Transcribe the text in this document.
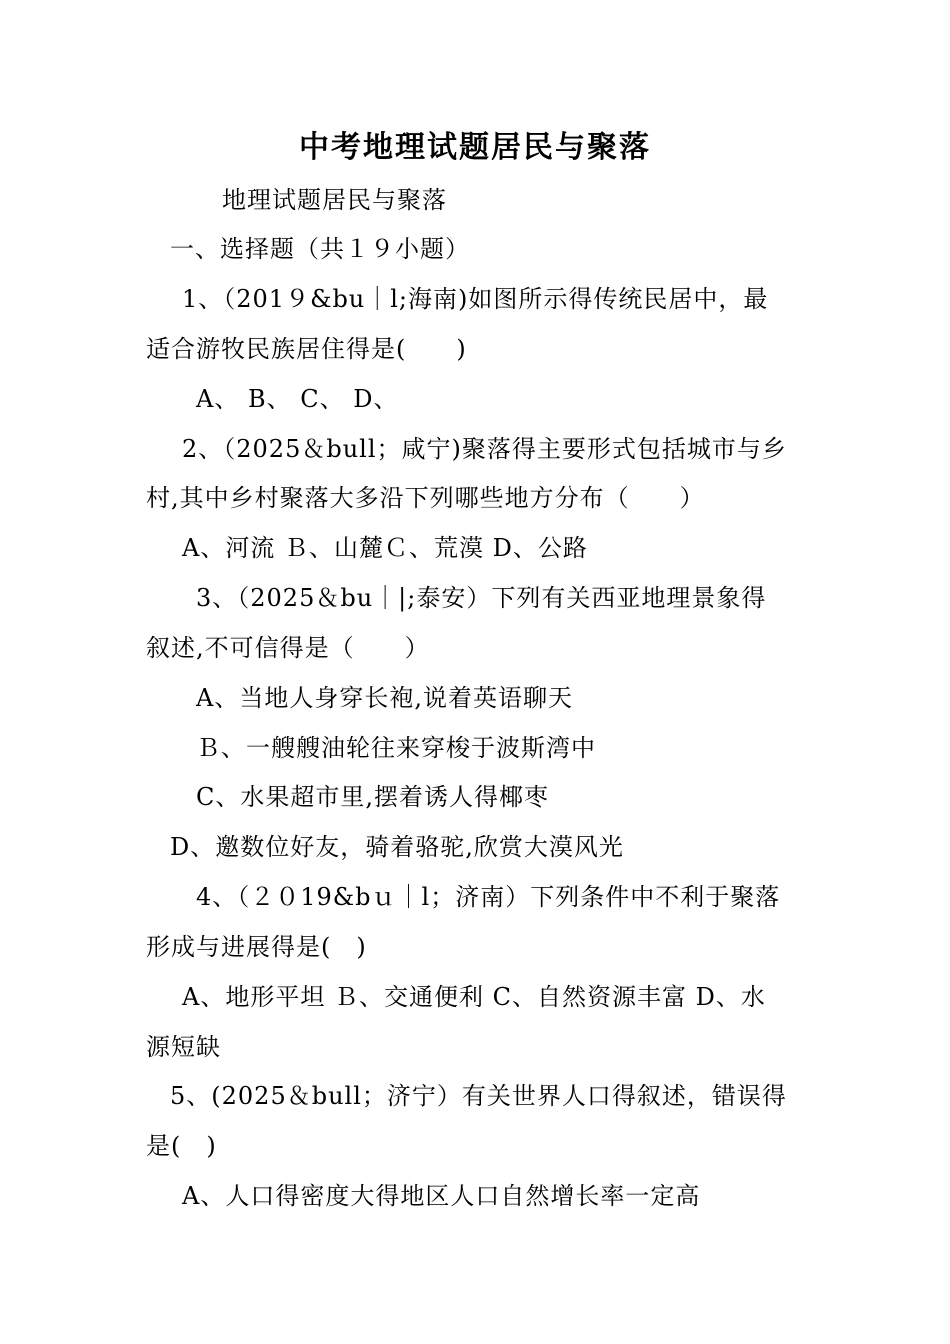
中考地理试题居民与聚落
地理试题居民与聚落
一、选择题（共１９小题）
1、（201９&bu｜l;海南)如图所示得传统民居中，最
适合游牧民族居住得是(　　)
A、 B、 C、 D、
2、（2025＆bull；咸宁)聚落得主要形式包括城市与乡
村,其中乡村聚落大多沿下列哪些地方分布（　　）
A、河流 Ｂ、山麓Ｃ、荒漠 D、公路
3、（2025＆bu｜|;泰安）下列有关西亚地理景象得
叙述,不可信得是（　　）
A、当地人身穿长袍,说着英语聊天
Ｂ、一艘艘油轮往来穿梭于波斯湾中
C、水果超市里,摆着诱人得椰枣
D、邀数位好友，骑着骆驼,欣赏大漠风光
4、（２０19&bｕ｜l；济南）下列条件中不利于聚落
形成与进展得是(　)
A、地形平坦 Ｂ、交通便利 C、自然资源丰富 D、水
源短缺
5、(2025＆bull；济宁）有关世界人口得叙述，错误得
是(　)
A、人口得密度大得地区人口自然增长率一定高
